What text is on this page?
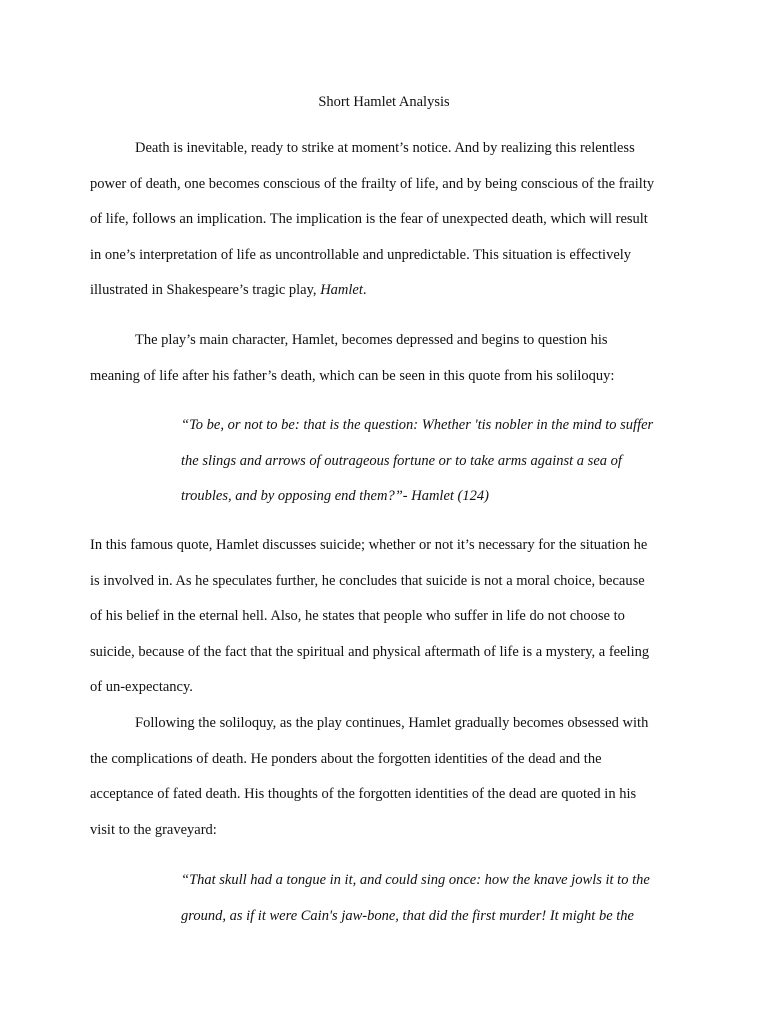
Short Hamlet Analysis
Death is inevitable, ready to strike at moment’s notice. And by realizing this relentless
power of death, one becomes conscious of the frailty of life, and by being conscious of the frailty
of life, follows an implication. The implication is the fear of unexpected death, which will result
in one’s interpretation of life as uncontrollable and unpredictable. This situation is effectively
illustrated in Shakespeare’s tragic play, Hamlet.
The play’s main character, Hamlet, becomes depressed and begins to question his
meaning of life after his father’s death, which can be seen in this quote from his soliloquy:
“To be, or not to be: that is the question: Whether 'tis nobler in the mind to suffer
the slings and arrows of outrageous fortune or to take arms against a sea of
troubles, and by opposing end them?”- Hamlet (124)
In this famous quote, Hamlet discusses suicide; whether or not it’s necessary for the situation he
is involved in. As he speculates further, he concludes that suicide is not a moral choice, because
of his belief in the eternal hell. Also, he states that people who suffer in life do not choose to
suicide, because of the fact that the spiritual and physical aftermath of life is a mystery, a feeling
of un-expectancy.
Following the soliloquy, as the play continues, Hamlet gradually becomes obsessed with
the complications of death. He ponders about the forgotten identities of the dead and the
acceptance of fated death. His thoughts of the forgotten identities of the dead are quoted in his
visit to the graveyard:
“That skull had a tongue in it, and could sing once: how the knave jowls it to the
ground, as if it were Cain's jaw-bone, that did the first murder! It might be the
